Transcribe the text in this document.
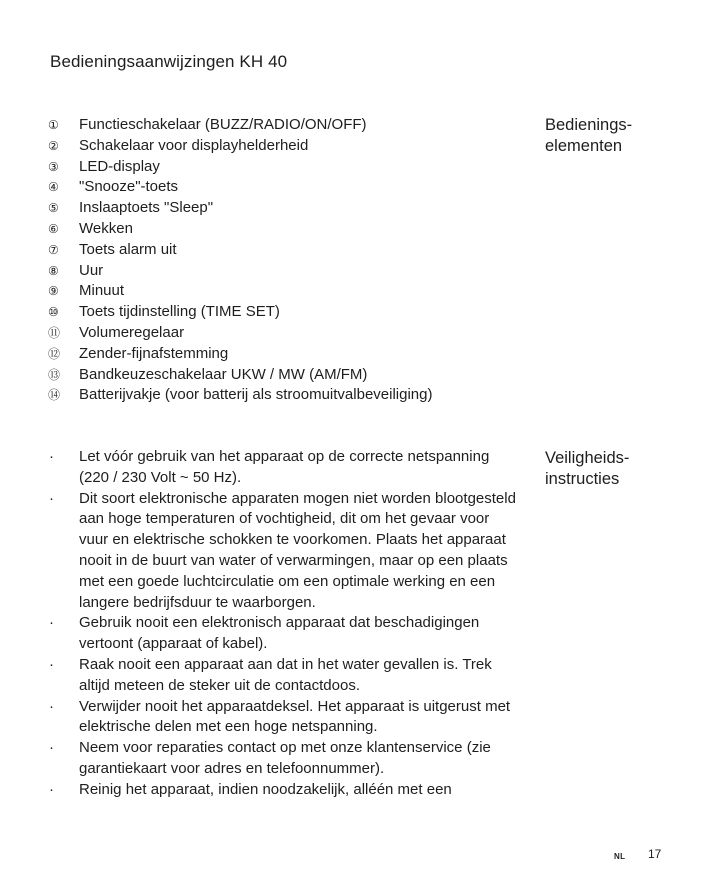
Bedieningsaanwijzingen KH 40
Bedienings-
elementen
①	Functieschakelaar (BUZZ/RADIO/ON/OFF)
②	Schakelaar voor displayhelderheid
③	LED-display
④	"Snooze"-toets
⑤	Inslaaptoets "Sleep"
⑥	Wekken
⑦	Toets alarm uit
⑧	Uur
⑨	Minuut
⑩	Toets tijdinstelling (TIME SET)
⑪	Volumeregelaar
⑫	Zender-fijnafstemming
⑬	Bandkeuzeschakelaar UKW / MW (AM/FM)
⑭	Batterijvakje (voor batterij als stroomuitvalbeveiliging)
Veiligheids-
instructies
·	Let vóór gebruik van het apparaat op de correcte netspanning (220 / 230 Volt ~ 50 Hz).
·	Dit soort elektronische apparaten mogen niet worden blootgesteld aan hoge temperaturen of vochtigheid, dit om het gevaar voor vuur en elektrische schokken te voorkomen. Plaats het apparaat nooit in de buurt van water of verwarmingen, maar op een plaats met een goede luchtcirculatie om een optimale werking en een langere bedrijfsduur te waarborgen.
·	Gebruik nooit een elektronisch apparaat dat beschadigingen vertoont (apparaat of kabel).
·	Raak nooit een apparaat aan dat in het water gevallen is. Trek altijd meteen de steker uit de contactdoos.
·	Verwijder nooit het apparaatdeksel. Het apparaat is uitgerust met elektrische delen met een hoge netspanning.
·	Neem voor reparaties contact op met onze klantenservice (zie garantiekaart voor adres en telefoonnummer).
·	Reinig het apparaat, indien noodzakelijk, alléén met een
NL 17
